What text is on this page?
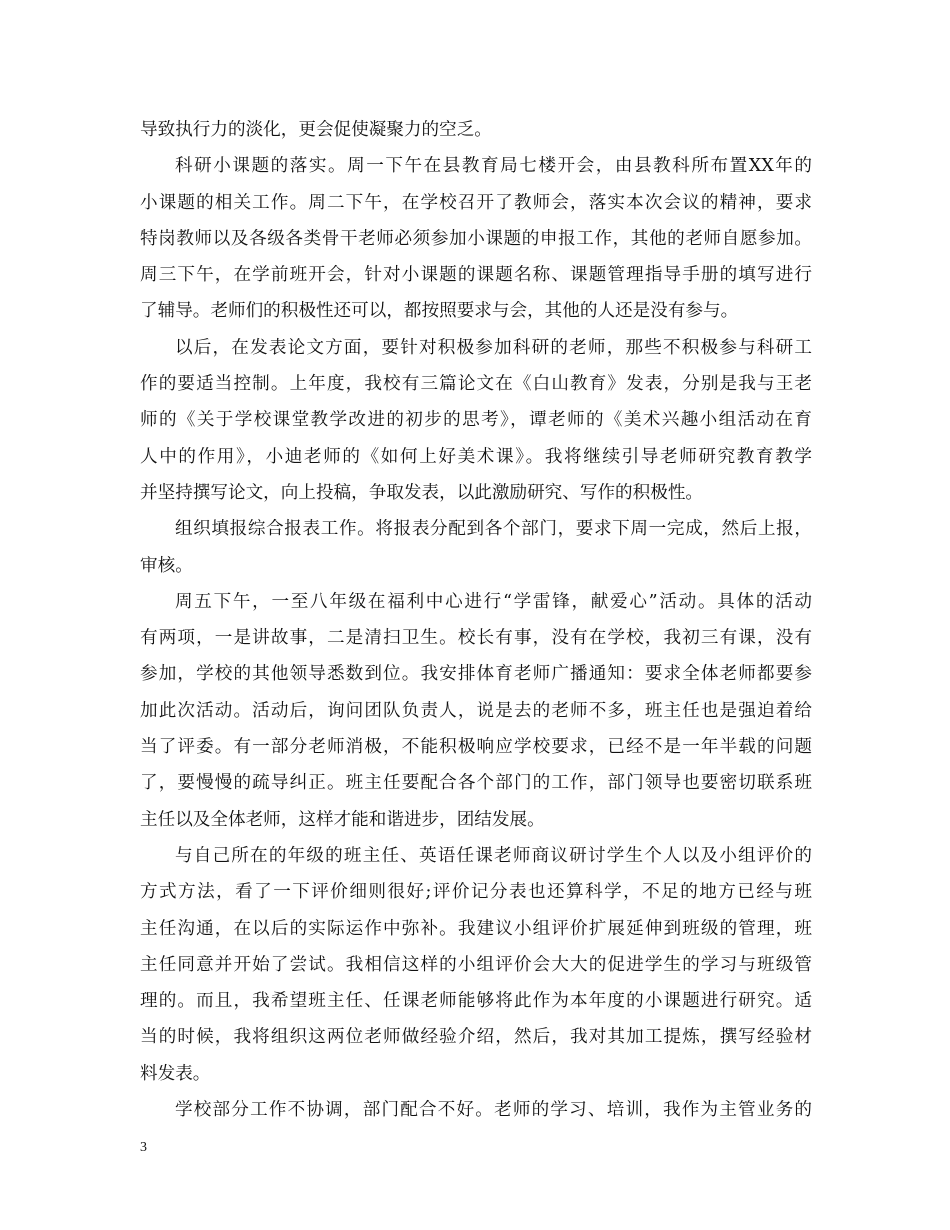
导致执行力的淡化，更会促使凝聚力的空乏。
科研小课题的落实。周一下午在县教育局七楼开会，由县教科所布置XX年的
小课题的相关工作。周二下午，在学校召开了教师会，落实本次会议的精神，要求
特岗教师以及各级各类骨干老师必须参加小课题的申报工作，其他的老师自愿参加。
周三下午，在学前班开会，针对小课题的课题名称、课题管理指导手册的填写进行
了辅导。老师们的积极性还可以，都按照要求与会，其他的人还是没有参与。
以后，在发表论文方面，要针对积极参加科研的老师，那些不积极参与科研工
作的要适当控制。上年度，我校有三篇论文在《白山教育》发表，分别是我与王老
师的《关于学校课堂教学改进的初步的思考》，谭老师的《美术兴趣小组活动在育
人中的作用》，小迪老师的《如何上好美术课》。我将继续引导老师研究教育教学
并坚持撰写论文，向上投稿，争取发表，以此激励研究、写作的积极性。
组织填报综合报表工作。将报表分配到各个部门，要求下周一完成，然后上报，
审核。
周五下午，一至八年级在福利中心进行“学雷锋，献爱心”活动。具体的活动
有两项，一是讲故事，二是清扫卫生。校长有事，没有在学校，我初三有课，没有
参加，学校的其他领导悉数到位。我安排体育老师广播通知：要求全体老师都要参
加此次活动。活动后，询问团队负责人，说是去的老师不多，班主任也是强迫着给
当了评委。有一部分老师消极，不能积极响应学校要求，已经不是一年半载的问题
了，要慢慢的疏导纠正。班主任要配合各个部门的工作，部门领导也要密切联系班
主任以及全体老师，这样才能和谐进步，团结发展。
与自己所在的年级的班主任、英语任课老师商议研讨学生个人以及小组评价的
方式方法，看了一下评价细则很好;评价记分表也还算科学，不足的地方已经与班
主任沟通，在以后的实际运作中弥补。我建议小组评价扩展延伸到班级的管理，班
主任同意并开始了尝试。我相信这样的小组评价会大大的促进学生的学习与班级管
理的。而且，我希望班主任、任课老师能够将此作为本年度的小课题进行研究。适
当的时候，我将组织这两位老师做经验介绍，然后，我对其加工提炼，撰写经验材
料发表。
学校部分工作不协调，部门配合不好。老师的学习、培训，我作为主管业务的
3
